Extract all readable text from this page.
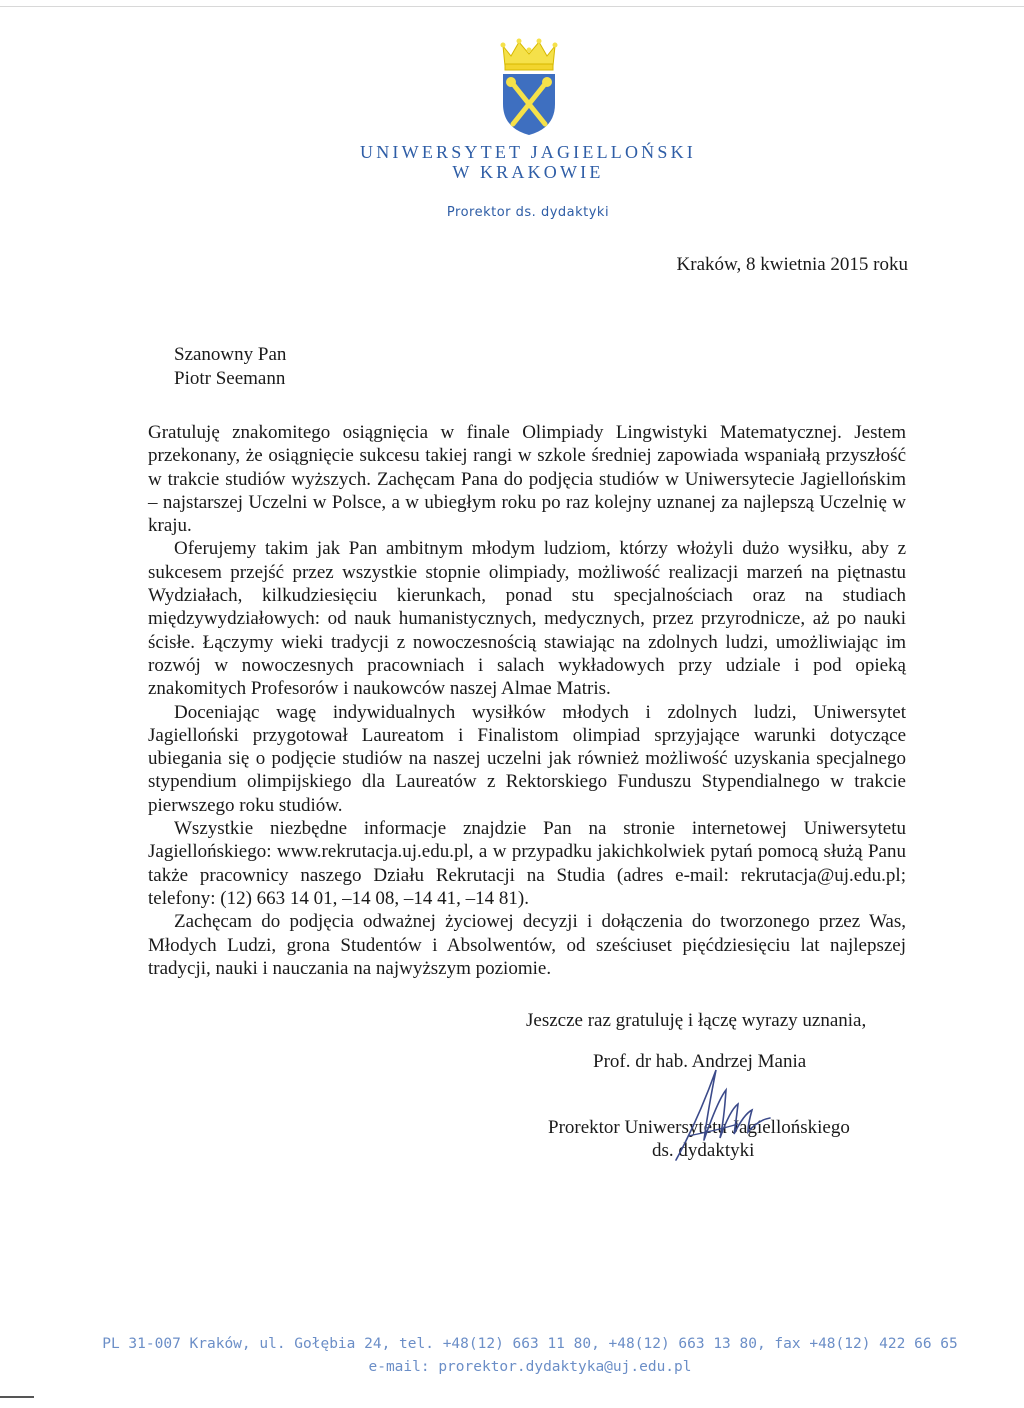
UNIWERSYTET JAGIELLOŃSKI
W KRAKOWIE
Prorektor ds. dydaktyki
Kraków, 8 kwietnia 2015 roku
Szanowny Pan
Piotr Seemann

Gratuluję znakomitego osiągnięcia w finale Olimpiady Lingwistyki Matematycznej. Jestem przekonany, że osiągnięcie sukcesu takiej rangi w szkole średniej zapowiada wspaniałą przyszłość w trakcie studiów wyższych. Zachęcam Pana do podjęcia studiów w Uniwersytecie Jagiellońskim – najstarszej Uczelni w Polsce, a w ubiegłym roku po raz kolejny uznanej za najlepszą Uczelnię w kraju.

Oferujemy takim jak Pan ambitnym młodym ludziom, którzy włożyli dużo wysiłku, aby z sukcesem przejść przez wszystkie stopnie olimpiady, możliwość realizacji marzeń na piętnastu Wydziałach, kilkudziesięciu kierunkach, ponad stu specjalnościach oraz na studiach międzywydziałowych: od nauk humanistycznych, medycznych, przez przyrodnicze, aż po nauki ścisłe. Łączymy wieki tradycji z nowoczesnością stawiając na zdolnych ludzi, umożliwiając im rozwój w nowoczesnych pracowniach i salach wykładowych przy udziale i pod opieką znakomitych Profesorów i naukowców naszej Almae Matris.

Doceniając wagę indywidualnych wysiłków młodych i zdolnych ludzi, Uniwersytet Jagielloński przygotował Laureatom i Finalistom olimpiad sprzyjające warunki dotyczące ubiegania się o podjęcie studiów na naszej uczelni jak również możliwość uzyskania specjalnego stypendium olimpijskiego dla Laureatów z Rektorskiego Funduszu Stypendialnego w trakcie pierwszego roku studiów.

Wszystkie niezbędne informacje znajdzie Pan na stronie internetowej Uniwersytetu Jagiellońskiego: www.rekrutacja.uj.edu.pl, a w przypadku jakichkolwiek pytań pomocą służą Panu także pracownicy naszego Działu Rekrutacji na Studia (adres e-mail: rekrutacja@uj.edu.pl; telefony: (12) 663 14 01, –14 08, –14 41, –14 81).

Zachęcam do podjęcia odważnej życiowej decyzji i dołączenia do tworzonego przez Was, Młodych Ludzi, grona Studentów i Absolwentów, od sześciuset pięćdziesięciu lat najlepszej tradycji, nauki i nauczania na najwyższym poziomie.

Jeszcze raz gratuluję i łączę wyrazy uznania,
Prof. dr hab. Andrzej Mania
Prorektor Uniwersytetu Jagiellońskiego
ds. dydaktyki
PL 31-007 Kraków, ul. Gołębia 24, tel. +48(12) 663 11 80, +48(12) 663 13 80, fax +48(12) 422 66 65
e-mail: prorektor.dydaktyka@uj.edu.pl
